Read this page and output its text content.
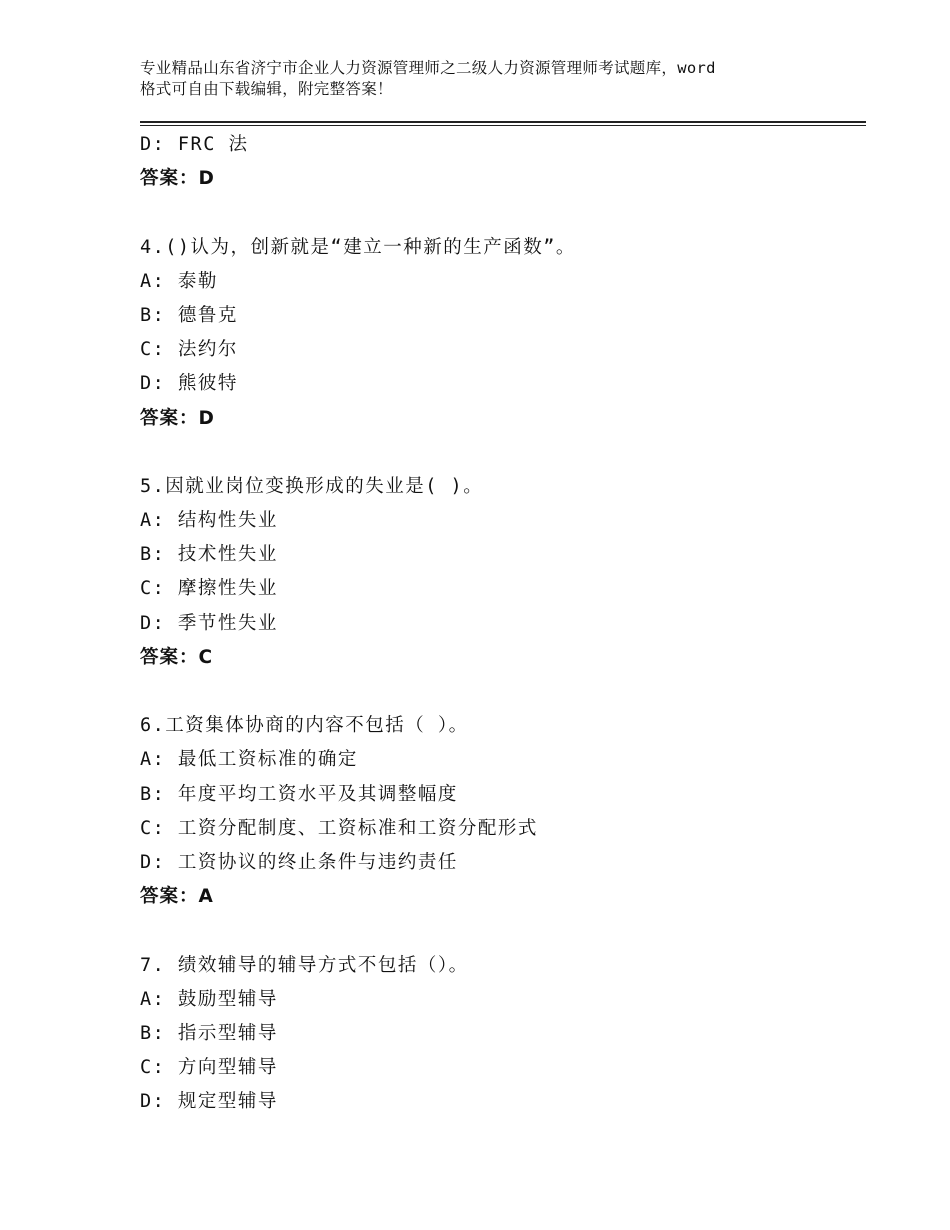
专业精品山东省济宁市企业人力资源管理师之二级人力资源管理师考试题库，word
格式可自由下载编辑，附完整答案！
D: FRC 法
答案：D
4.()认为，创新就是“建立一种新的生产函数”。
A: 泰勒
B: 德鲁克
C: 法约尔
D: 熊彼特
答案：D
5.因就业岗位变换形成的失业是( )。
A: 结构性失业
B: 技术性失业
C: 摩擦性失业
D: 季节性失业
答案：C
6.工资集体协商的内容不包括（ ）。
A: 最低工资标准的确定
B: 年度平均工资水平及其调整幅度
C: 工资分配制度、工资标准和工资分配形式
D: 工资协议的终止条件与违约责任
答案：A
7. 绩效辅导的辅导方式不包括（）。
A: 鼓励型辅导
B: 指示型辅导
C: 方向型辅导
D: 规定型辅导
